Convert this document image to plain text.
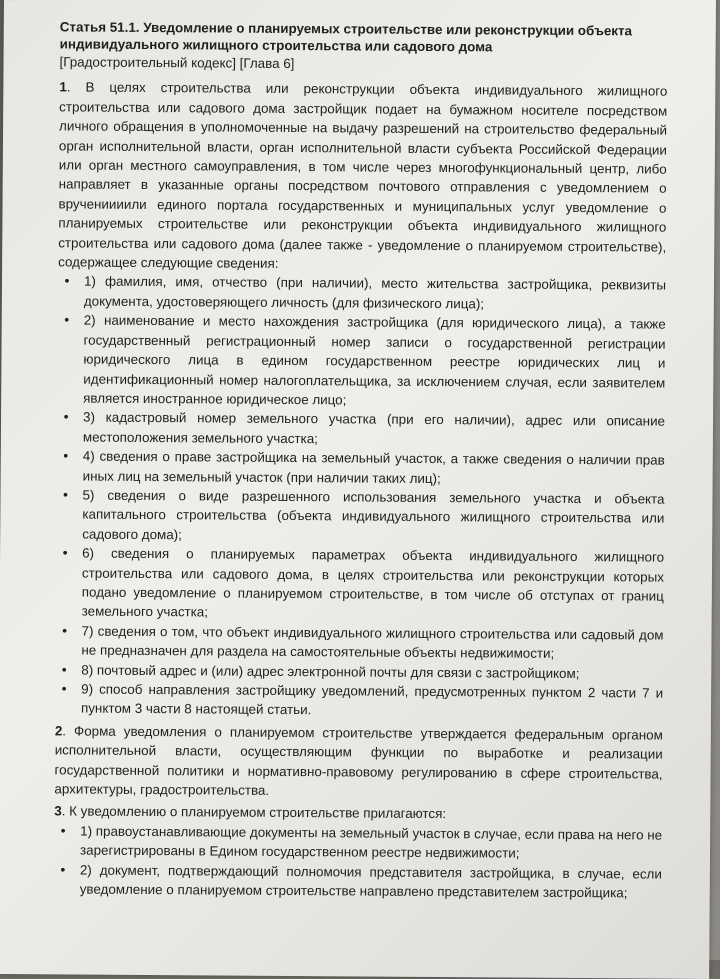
Статья 51.1. Уведомление о планируемых строительстве или реконструкции объекта индивидуального жилищного строительства или садового дома
[Градостроительный кодекс] [Глава 6]

1. В целях строительства или реконструкции объекта индивидуального жилищного строительства или садового дома застройщик подает на бумажном носителе посредством личного обращения в уполномоченные на выдачу разрешений на строительство федеральный орган исполнительной власти, орган исполнительной власти субъекта Российской Федерации или орган местного самоуправления, в том числе через многофункциональный центр, либо направляет в указанные органы посредством почтового отправления с уведомлением о вручениииили единого портала государственных и муниципальных услуг уведомление о планируемых строительстве или реконструкции объекта индивидуального жилищного строительства или садового дома (далее также - уведомление о планируемом строительстве), содержащее следующие сведения:

•	1) фамилия, имя, отчество (при наличии), место жительства застройщика, реквизиты документа, удостоверяющего личность (для физического лица);
•	2) наименование и место нахождения застройщика (для юридического лица), а также государственный регистрационный номер записи о государственной регистрации юридического лица в едином государственном реестре юридических лиц и идентификационный номер налогоплательщика, за исключением случая, если заявителем является иностранное юридическое лицо;
•	3) кадастровый номер земельного участка (при его наличии), адрес или описание местоположения земельного участка;
•	4) сведения о праве застройщика на земельный участок, а также сведения о наличии прав иных лиц на земельный участок (при наличии таких лиц);
•	5) сведения о виде разрешенного использования земельного участка и объекта капитального строительства (объекта индивидуального жилищного строительства или садового дома);
•	6) сведения о планируемых параметрах объекта индивидуального жилищного строительства или садового дома, в целях строительства или реконструкции которых подано уведомление о планируемом строительстве, в том числе об отступах от границ земельного участка;
•	7) сведения о том, что объект индивидуального жилищного строительства или садовый дом не предназначен для раздела на самостоятельные объекты недвижимости;
•	8) почтовый адрес и (или) адрес электронной почты для связи с застройщиком;
•	9) способ направления застройщику уведомлений, предусмотренных пунктом 2 части 7 и пунктом 3 части 8 настоящей статьи.

2. Форма уведомления о планируемом строительстве утверждается федеральным органом исполнительной власти, осуществляющим функции по выработке и реализации государственной политики и нормативно-правовому регулированию в сфере строительства, архитектуры, градостроительства.

3. К уведомлению о планируемом строительстве прилагаются:

•	1) правоустанавливающие документы на земельный участок в случае, если права на него не зарегистрированы в Едином государственном реестре недвижимости;
•	2) документ, подтверждающий полномочия представителя застройщика, в случае, если уведомление о планируемом строительстве направлено представителем застройщика;
